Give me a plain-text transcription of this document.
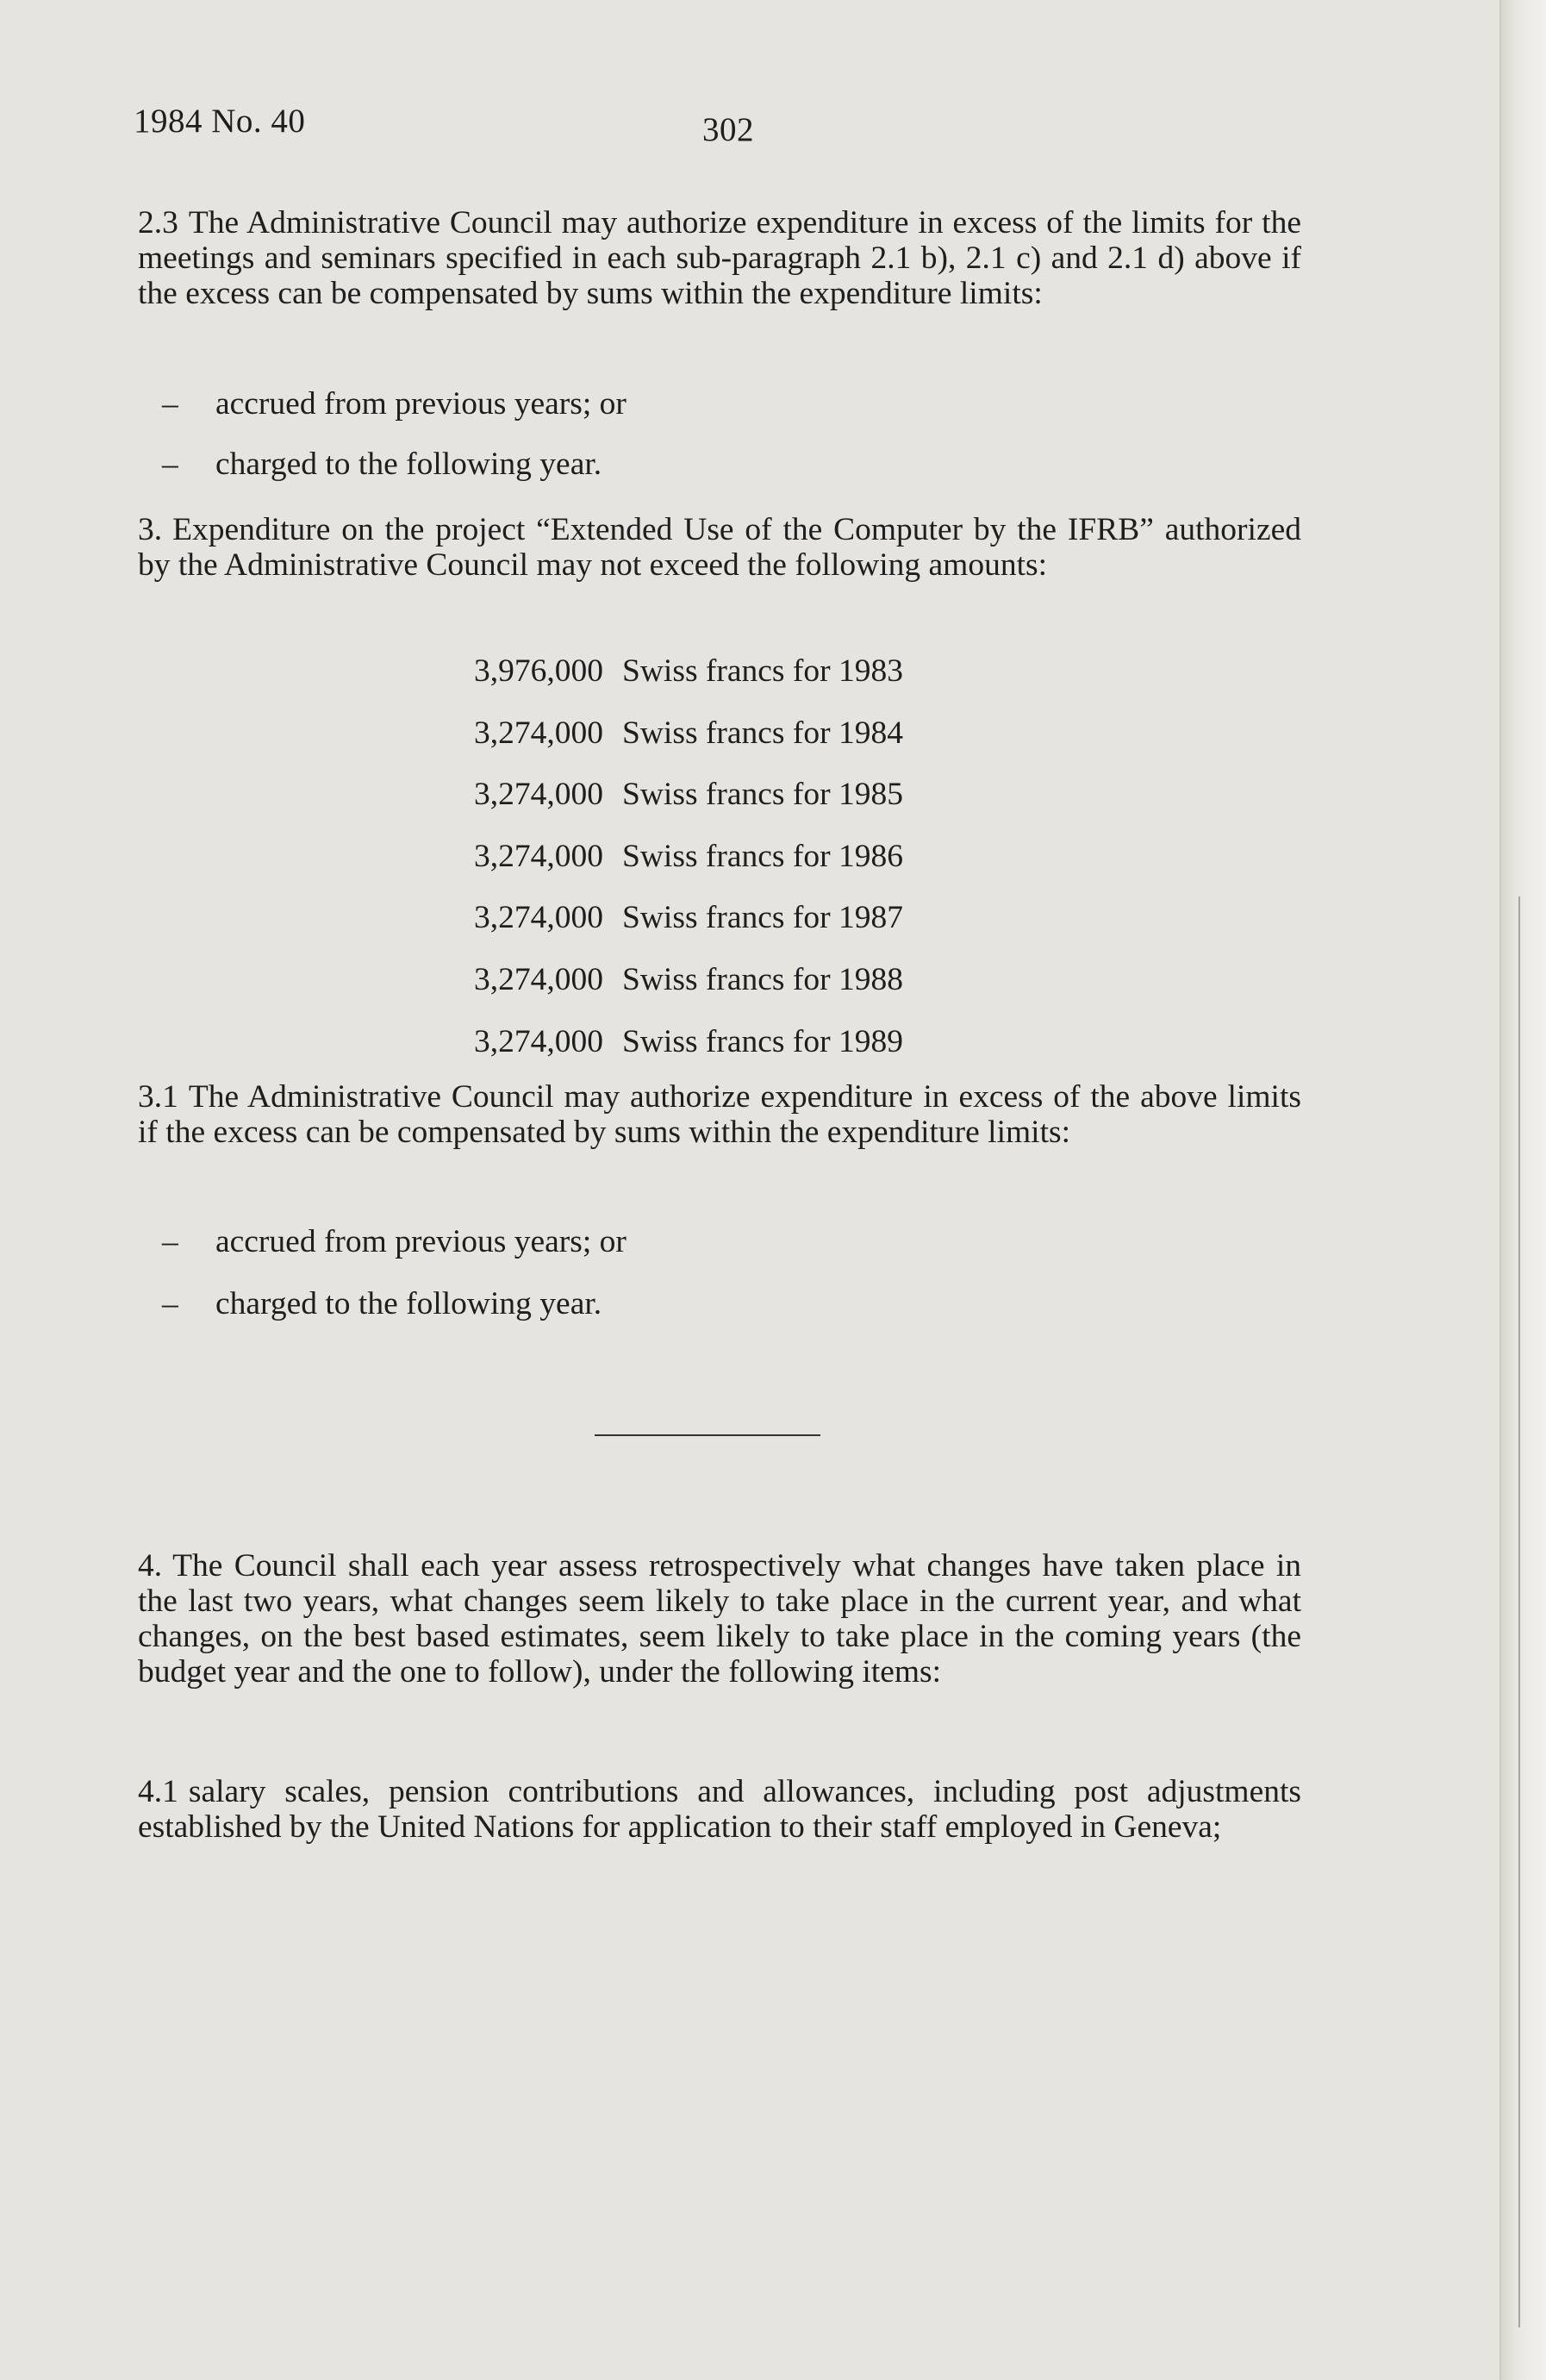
1984 No. 40	302
2.3 The Administrative Council may authorize expenditure in excess of the limits for the meetings and seminars specified in each sub-paragraph 2.1 b), 2.1 c) and 2.1 d) above if the excess can be compensated by sums within the expenditure limits:
– accrued from previous years; or
– charged to the following year.
3. Expenditure on the project “Extended Use of the Computer by the IFRB” authorized by the Administrative Council may not exceed the following amounts:
3,976,000 Swiss francs for 1983
3,274,000 Swiss francs for 1984
3,274,000 Swiss francs for 1985
3,274,000 Swiss francs for 1986
3,274,000 Swiss francs for 1987
3,274,000 Swiss francs for 1988
3,274,000 Swiss francs for 1989
3.1 The Administrative Council may authorize expenditure in excess of the above limits if the excess can be compensated by sums within the expenditure limits:
– accrued from previous years; or
– charged to the following year.
4. The Council shall each year assess retrospectively what changes have taken place in the last two years, what changes seem likely to take place in the current year, and what changes, on the best based estimates, seem likely to take place in the coming years (the budget year and the one to follow), under the following items:
4.1 salary scales, pension contributions and allowances, including post adjustments established by the United Nations for application to their staff employed in Geneva;
